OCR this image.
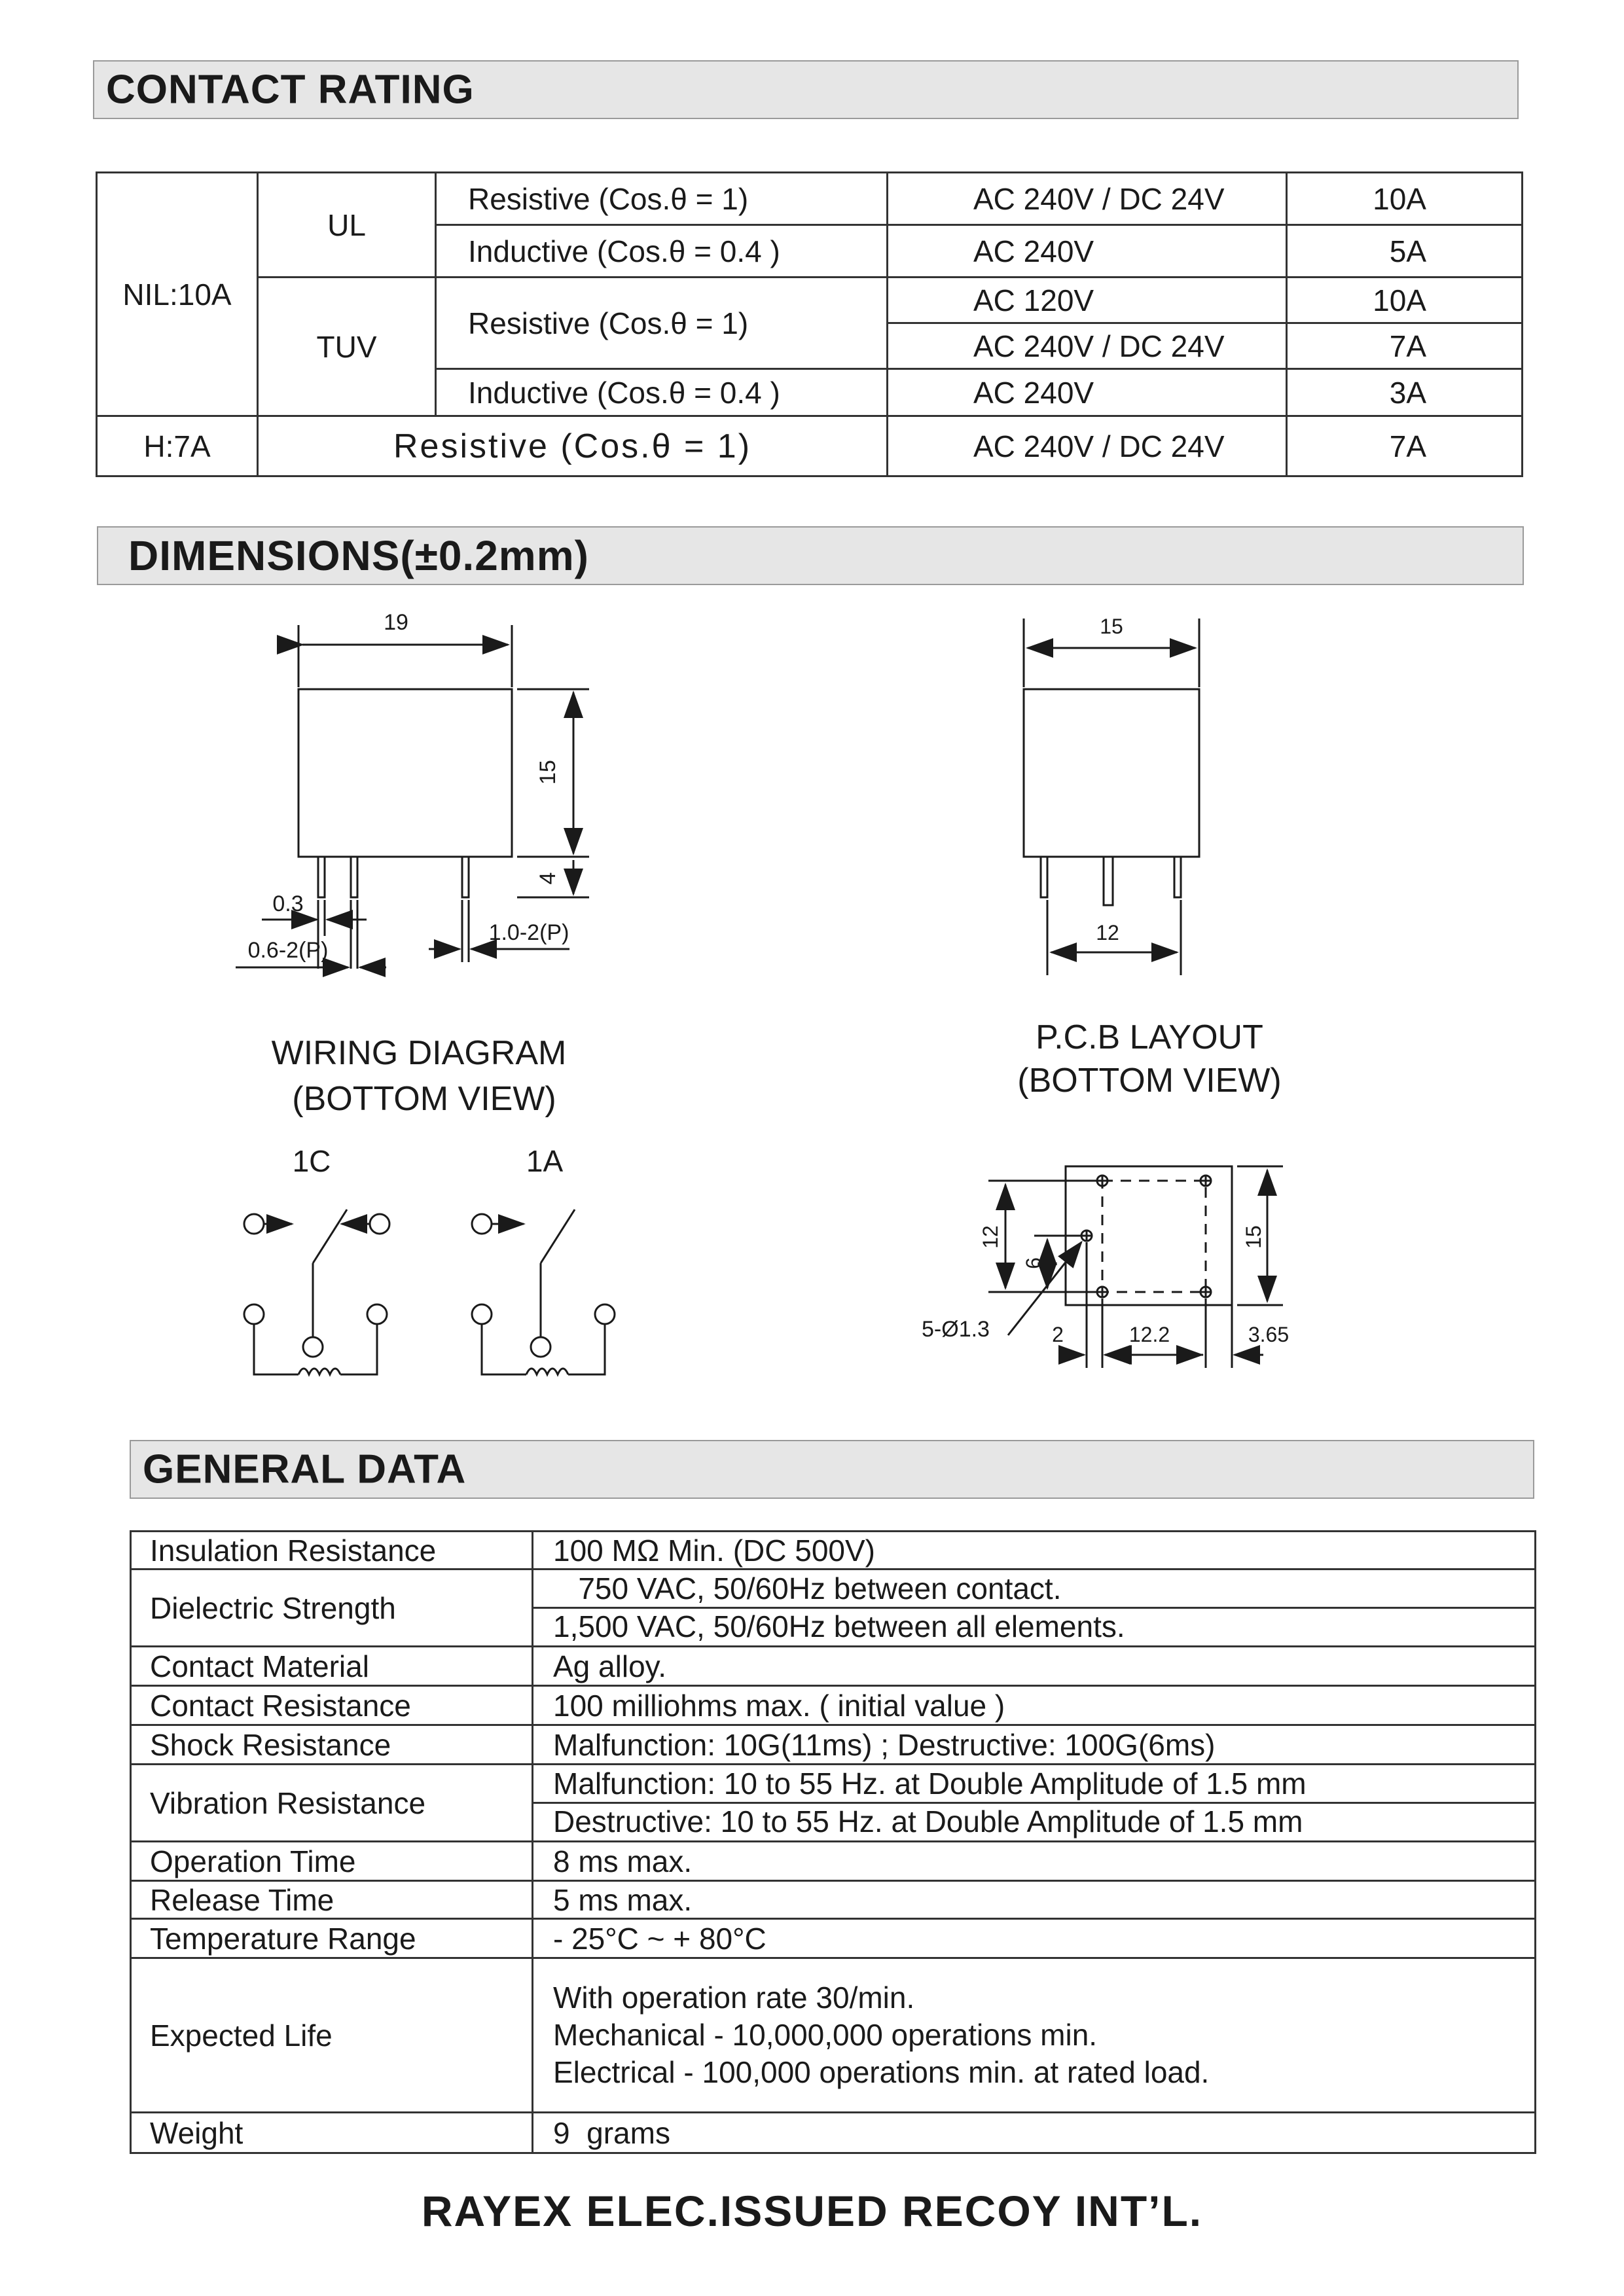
CONTACT RATING
NIL:10A	UL	Resistive (Cos.θ = 1)	AC 240V / DC 24V	10A
		Inductive (Cos.θ = 0.4 )	AC 240V	5A
	TUV	Resistive (Cos.θ = 1)	AC 120V	10A
			AC 240V / DC 24V	7A
		Inductive (Cos.θ = 0.4 )	AC 240V	3A
H:7A	Resistive (Cos.θ = 1)		AC 240V / DC 24V	7A
DIMENSIONS(±0.2mm)
19
15
4
0.3
0.6-2(P)
1.0-2(P)
15
12
WIRING DIAGRAM
(BOTTOM VIEW)
1C	1A
P.C.B LAYOUT
(BOTTOM VIEW)
12
6
15
5-Ø1.3	2	12.2	3.65
GENERAL DATA
Insulation Resistance	100 MΩ Min. (DC 500V)
Dielectric Strength	750 VAC, 50/60Hz between contact.
1,500 VAC, 50/60Hz between all elements.

Contact Material	Ag alloy.
Contact Resistance	100 milliohms max. ( initial value )
Shock Resistance	Malfunction: 10G(11ms) ; Destructive: 100G(6ms)
Vibration Resistance	Malfunction: 10 to 55 Hz. at Double Amplitude of 1.5 mm
Destructive: 10 to 55 Hz. at Double Amplitude of 1.5 mm

Operation Time	8 ms max.
Release Time	5 ms max.
Temperature Range	- 25°C ~ + 80°C
Expected Life	With operation rate 30/min.
Mechanical - 10,000,000 operations min.
Electrical - 100,000 operations min. at rated load.

Weight	9  grams
RAYEX ELEC.ISSUED RECOY INT’L.
